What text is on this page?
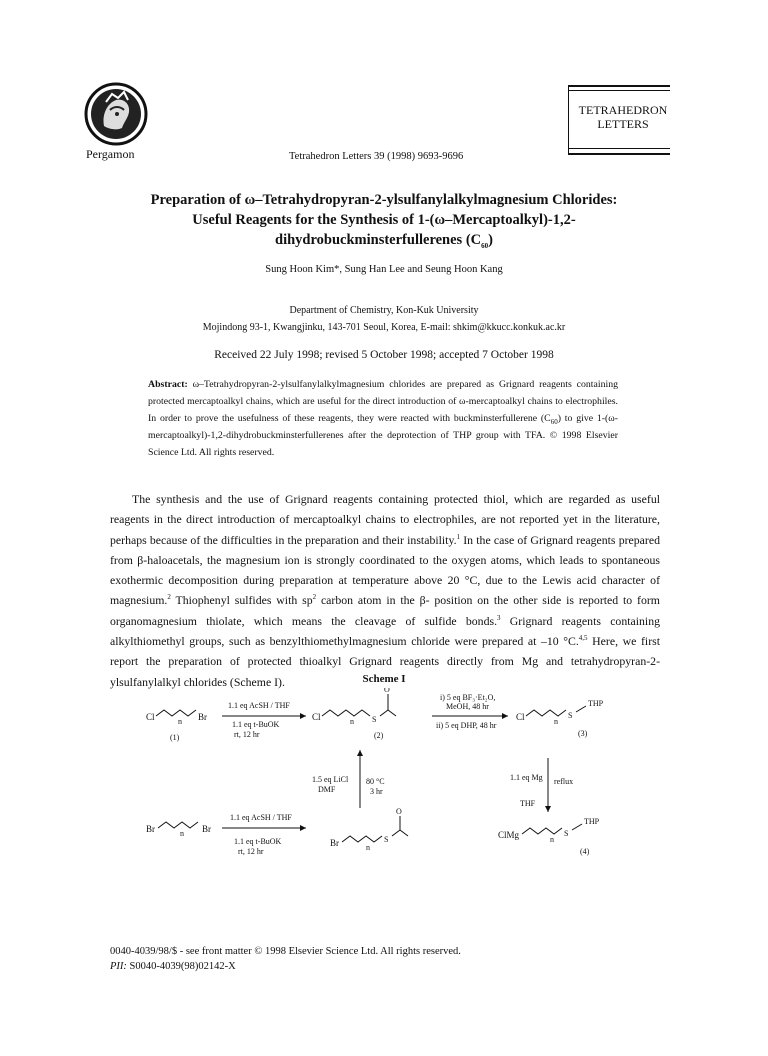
Pergamon	Tetrahedron Letters 39 (1998) 9693-9696
TETRAHEDRON
LETTERS
Preparation of ω–Tetrahydropyran-2-ylsulfanylalkylmagnesium Chlorides:
Useful Reagents for the Synthesis of 1-(ω–Mercaptoalkyl)-1,2-
dihydrobuckminsterfullerenes $(C_{60})$
Sung Hoon Kim*, Sung Han Lee and Seung Hoon Kang
Department of Chemistry, Kon-Kuk University
Mojindong 93-1, Kwangjinku, 143-701 Seoul, Korea, E-mail: shkim@kkucc.konkuk.ac.kr
Received 22 July 1998; revised 5 October 1998; accepted 7 October 1998
Abstract: ω–Tetrahydropyran-2-ylsulfanylalkylmagnesium chlorides are prepared as Grignard reagents containing protected mercaptoalkyl chains, which are useful for the direct introduction of ω-mercaptoalkyl chains to electrophiles. In order to prove the usefulness of these reagents, they were reacted with buckminsterfullerene $(C_{60})$ to give 1-(ω-mercaptoalkyl)-1,2-dihydrobuckminsterfullerenes after the deprotection of THP group with TFA. © 1998 Elsevier Science Ltd. All rights reserved.
The synthesis and the use of Grignard reagents containing protected thiol, which are regarded as useful reagents in the direct introduction of mercaptoalkyl chains to electrophiles, are not reported yet in the literature, perhaps because of the difficulties in the preparation and their instability.$^1$ In the case of Grignard reagents prepared from β-haloacetals, the magnesium ion is strongly coordinated to the oxygen atoms, which leads to spontaneous exothermic decomposition during preparation at temperature above 20 °C, due to the Lewis acid character of magnesium.$^2$ Thiophenyl sulfides with $sp^2$ carbon atom in the β- position on the other side is reported to form organomagnesium thiolate, which means the cleavage of sulfide bonds.$^3$ Grignard reagents containing alkylthiomethyl groups, such as benzylthiomethylmagnesium chloride were prepared at –10 °C.$^{4,5}$ Here, we first report the preparation of protected thioalkyl Grignard reagents directly from Mg and tetrahydropyran-2-ylsulfanylalkyl chlorides (Scheme I).	Scheme I
Cl	n Br
(1)
1.1 eq AcSH / THF
1.1 eq t-BuOK
rt, 12 hr
Cl	n S
O
(2)
i) 5 eq BF₃·Et₂O,
MeOH, 48 hr
ii) 5 eq DHP, 48 hr
Cl	n
S
THP
(3)
1.5 eq LiCl
DMF
80 °C
3 hr
1.1 eq Mg reflux
THF
Br	n Br
1.1 eq AcSH / THF
1.1 eq t-BuOK
rt, 12 hr
Br	n
S
O
ClMg	n
S
THP
(4)
0040-4039/98/$ - see front matter © 1998 Elsevier Science Ltd. All rights reserved.
PII: S0040-4039(98)02142-X
